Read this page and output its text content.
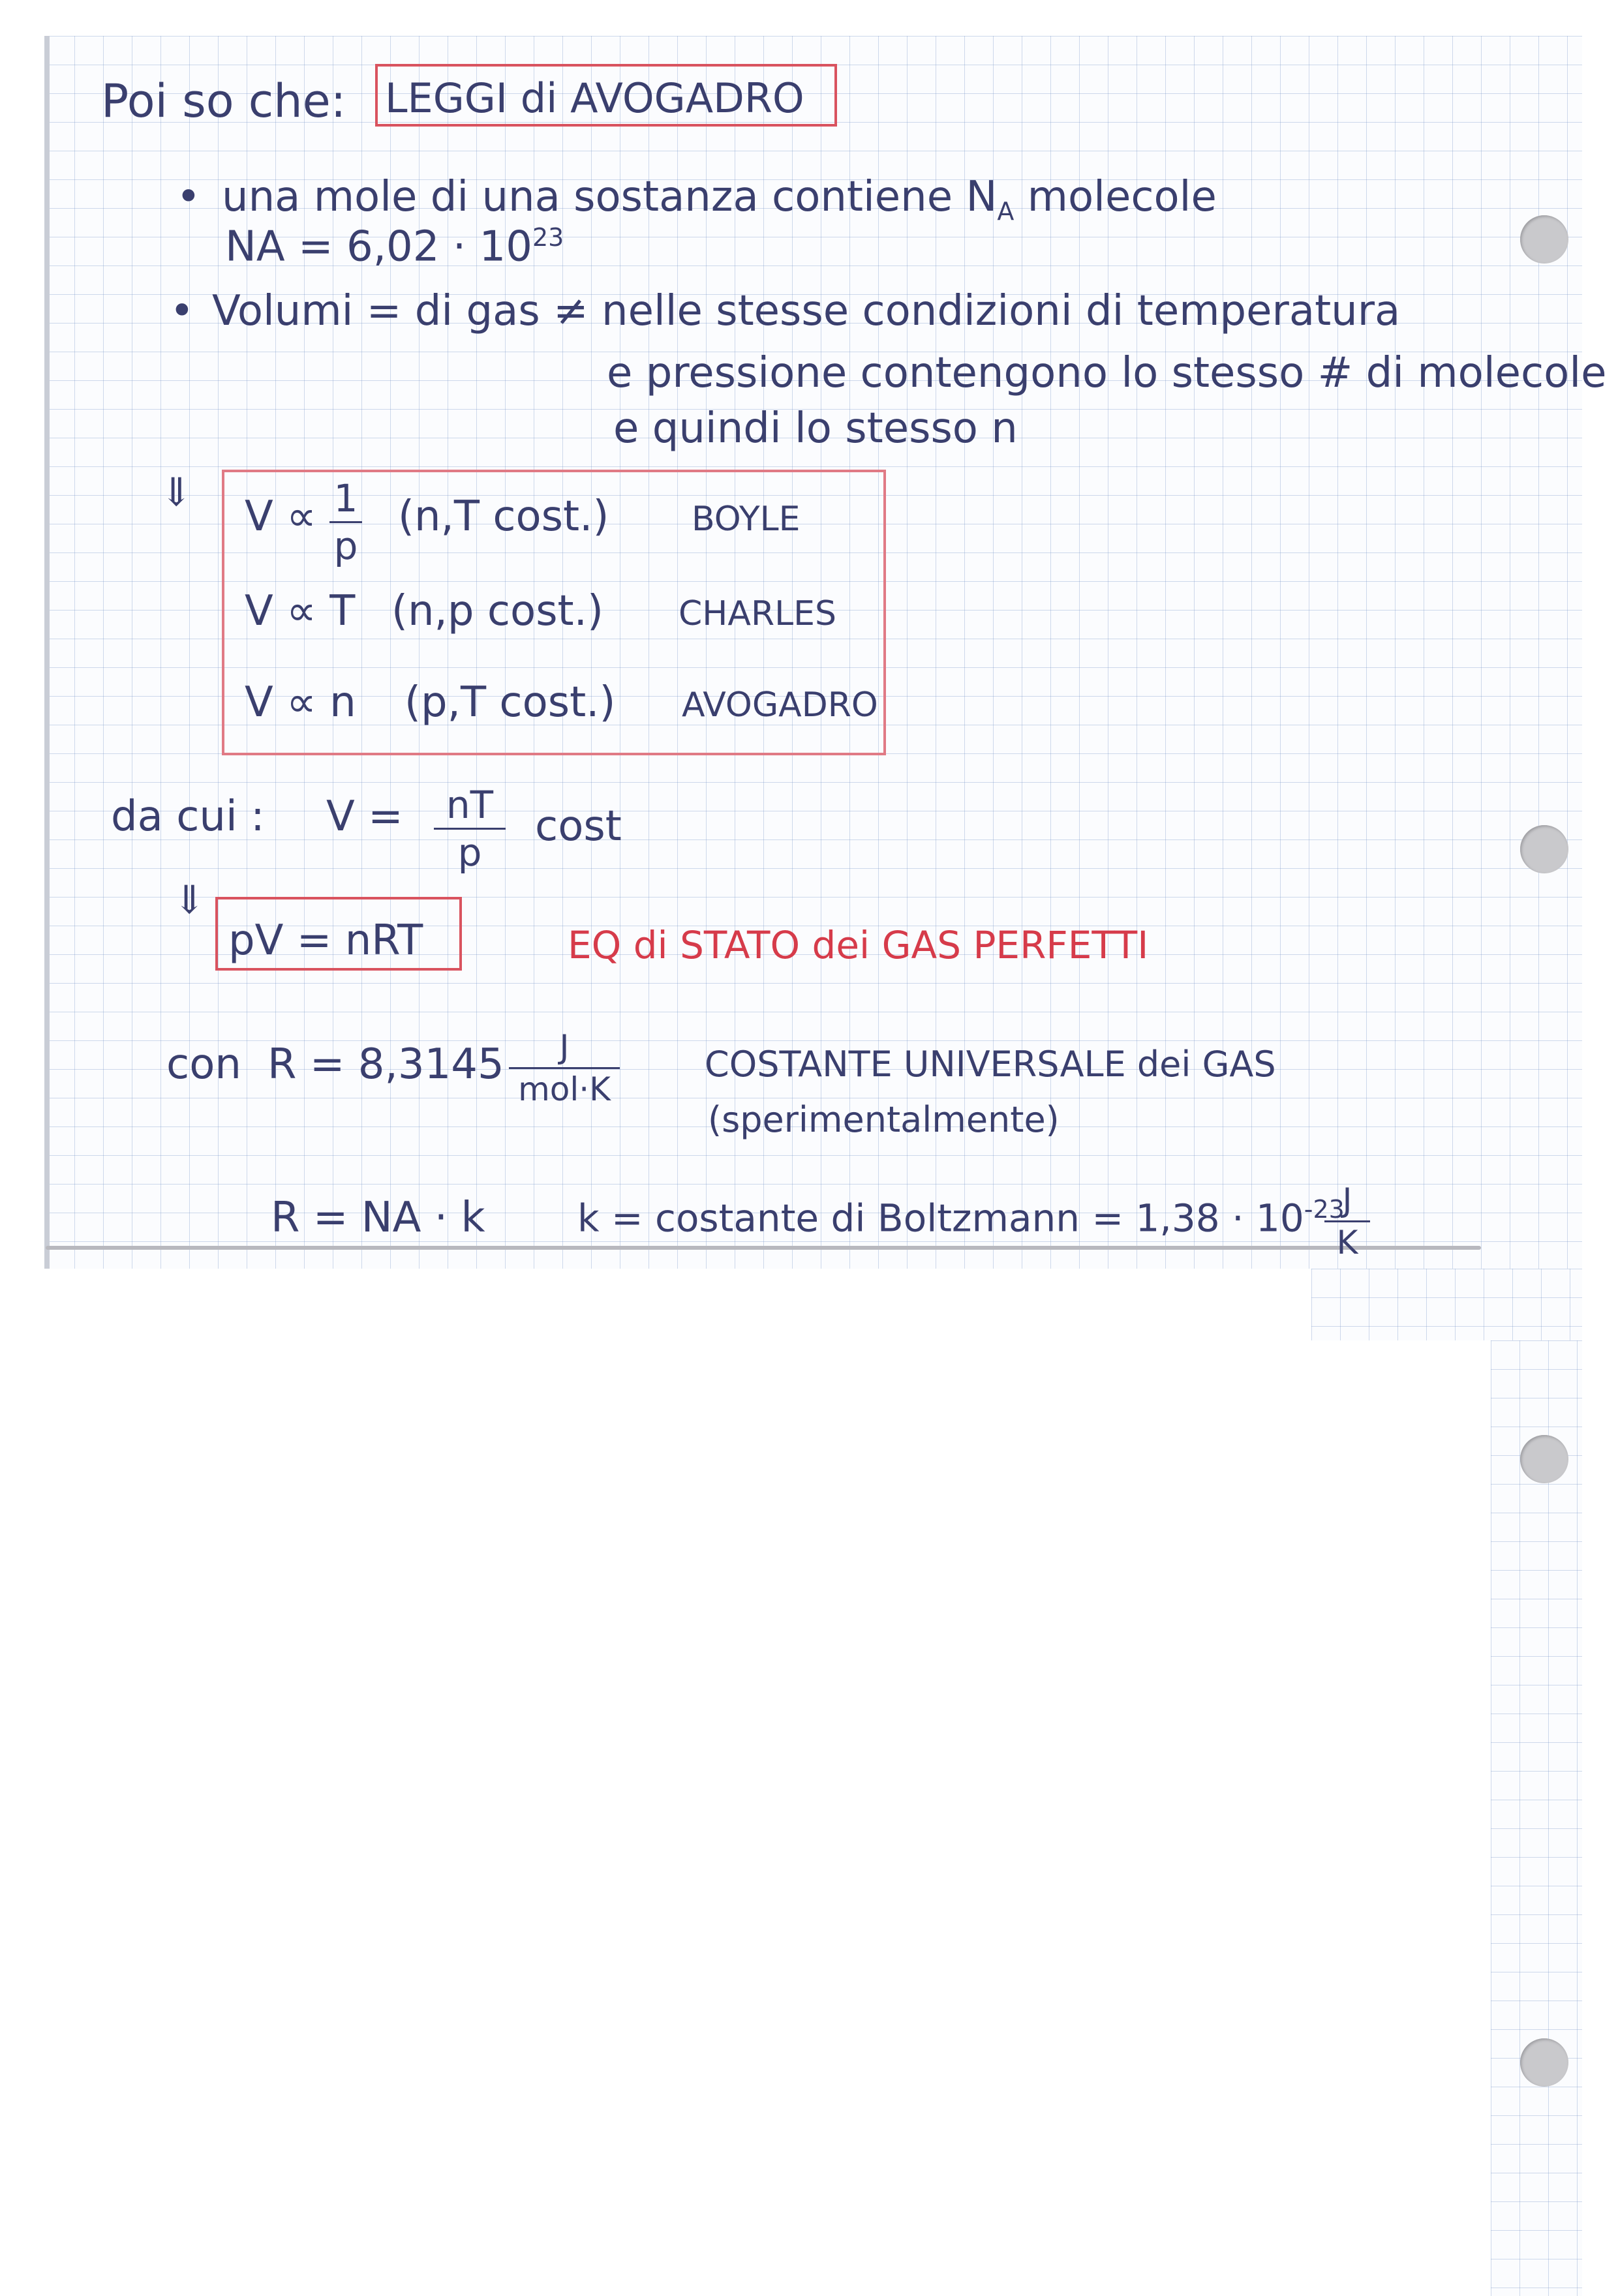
Poi so che: LEGGI di AVOGADRO
• una mole di una sostanza contiene $N_A$ molecole
NA = $6,02 \cdot 10^{23}$
• Volumi = di gas ≠ nelle stesse condizioni di temperatura
e pressione contengono lo stesso # di molecole
e quindi lo stesso n
⇓ $V \propto \frac{1}{p} (n,T$ cost.) BOYLE
V ∝ T (n,p cost.) CHARLES
V ∝ n (p,T cost.) AVOGADRO
da cui : $V = \frac{nT}{p}$ cost
⇓
pV = nRT	EQ di STATO dei GAS PERFETTI
con R = 8,3145	J
mol·K
COSTANTE UNIVERSALE dei GAS
(sperimentalmente)
R = NA · k k = costante di Boltzmann = $1,38 \cdot 10^{-23}$
$\frac{J}{K}$
